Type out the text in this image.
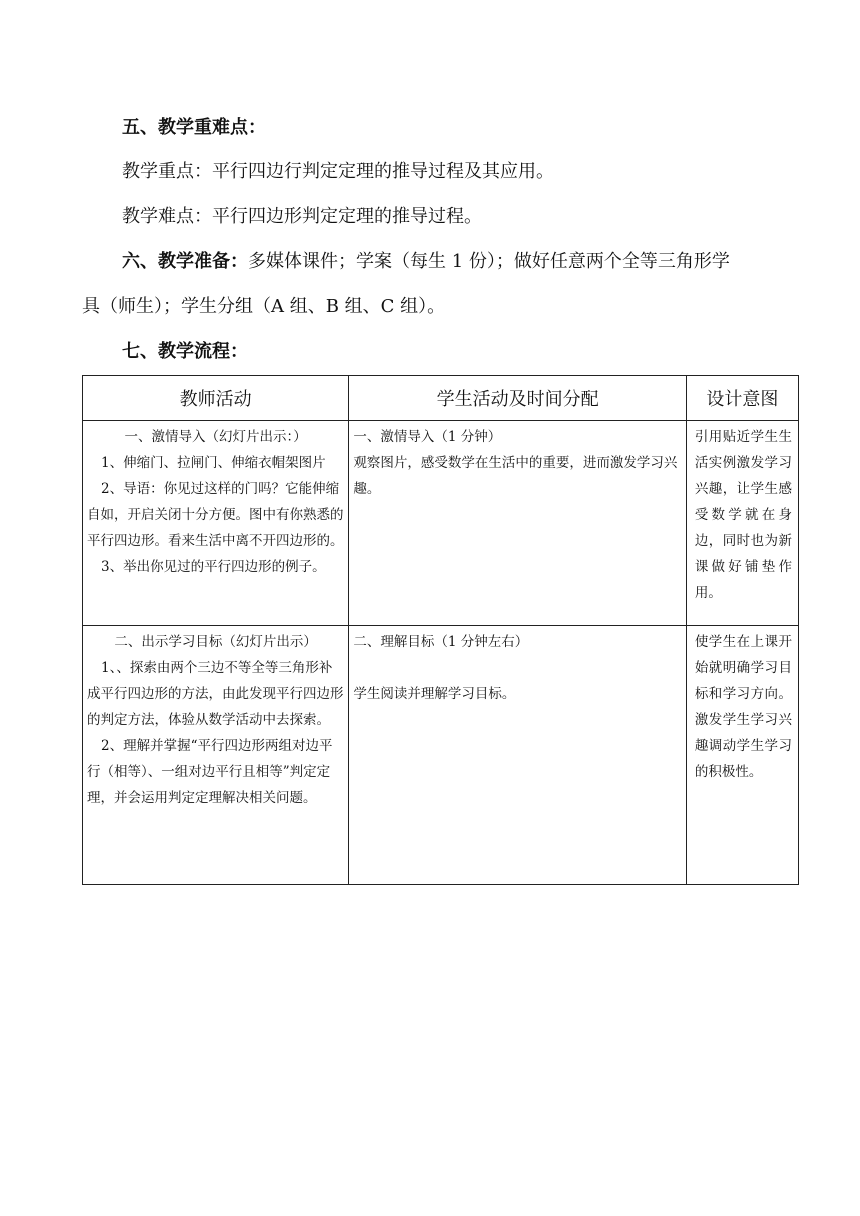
五、教学重难点：
教学重点：平行四边行判定定理的推导过程及其应用。
教学难点：平行四边形判定定理的推导过程。
六、教学准备：多媒体课件；学案（每生 1 份）；做好任意两个全等三角形学
具（师生）；学生分组（A 组、B 组、C 组）。
七、教学流程：
教师活动	学生活动及时间分配	设计意图

一、激情导入（幻灯片出示：）
1、伸缩门、拉闸门、伸缩衣帽架图片
2、导语：你见过这样的门吗？它能伸缩自如，开启关闭十分方便。图中有你熟悉的平行四边形。看来生活中离不开四边形的。
3、举出你见过的平行四边形的例子。	一、激情导入（1 分钟）
观察图片，感受数学在生活中的重要，进而激发学习兴趣。	引用贴近学生生活实例激发学习兴趣，让学生感受数学就在身边，同时也为新课做好铺垫作用。

二、出示学习目标（幻灯片出示）
1、、探索由两个三边不等全等三角形补成平行四边形的方法，由此发现平行四边形的判定方法，体验从数学活动中去探索。
2、理解并掌握“平行四边形两组对边平行（相等）、一组对边平行且相等”判定定理，并会运用判定定理解决相关问题。	二、理解目标（1 分钟左右）
学生阅读并理解学习目标。	使学生在上课开始就明确学习目标和学习方向。激发学生学习兴趣调动学生学习的积极性。
